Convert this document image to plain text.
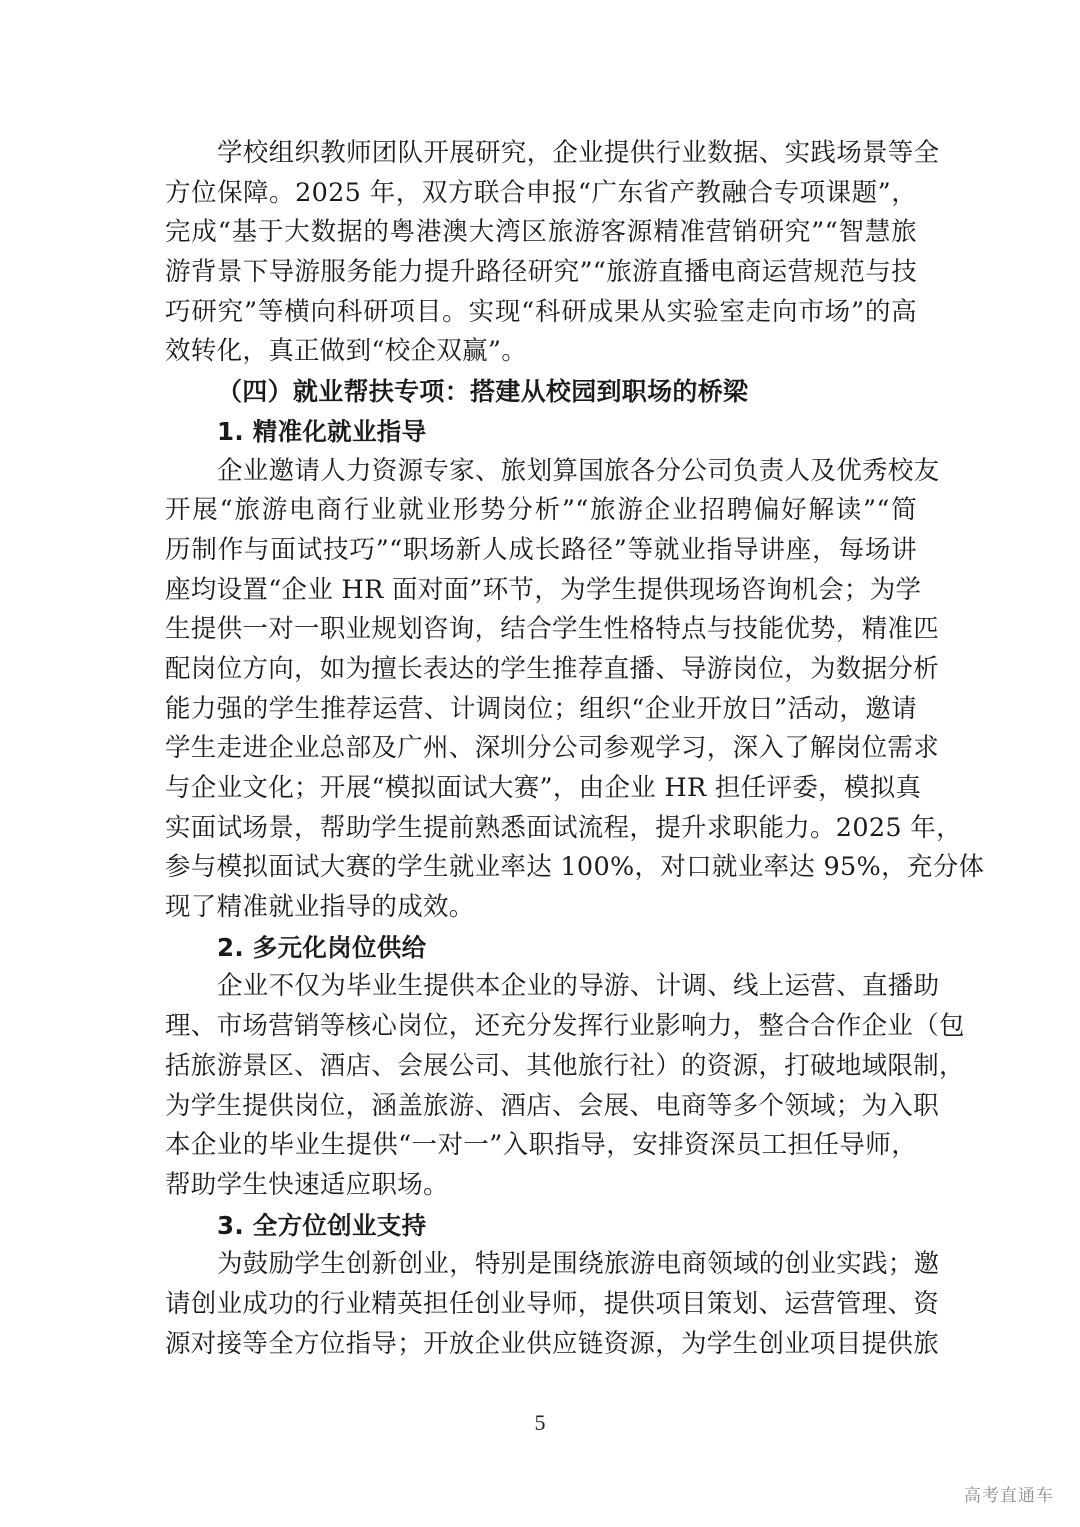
学校组织教师团队开展研究，企业提供行业数据、实践场景等全
方位保障。2025 年，双方联合申报“广东省产教融合专项课题”，
完成“基于大数据的粤港澳大湾区旅游客源精准营销研究”“智慧旅
游背景下导游服务能力提升路径研究”“旅游直播电商运营规范与技
巧研究”等横向科研项目。实现“科研成果从实验室走向市场”的高
效转化，真正做到“校企双赢”。
（四）就业帮扶专项：搭建从校园到职场的桥梁
1. 精准化就业指导
企业邀请人力资源专家、旅划算国旅各分公司负责人及优秀校友
开展“旅游电商行业就业形势分析”“旅游企业招聘偏好解读”“简
历制作与面试技巧”“职场新人成长路径”等就业指导讲座，每场讲
座均设置“企业 HR 面对面”环节，为学生提供现场咨询机会；为学
生提供一对一职业规划咨询，结合学生性格特点与技能优势，精准匹
配岗位方向，如为擅长表达的学生推荐直播、导游岗位，为数据分析
能力强的学生推荐运营、计调岗位；组织“企业开放日”活动，邀请
学生走进企业总部及广州、深圳分公司参观学习，深入了解岗位需求
与企业文化；开展“模拟面试大赛”，由企业 HR 担任评委，模拟真
实面试场景，帮助学生提前熟悉面试流程，提升求职能力。2025 年，
参与模拟面试大赛的学生就业率达 100%，对口就业率达 95%，充分体
现了精准就业指导的成效。
2. 多元化岗位供给
企业不仅为毕业生提供本企业的导游、计调、线上运营、直播助
理、市场营销等核心岗位，还充分发挥行业影响力，整合合作企业（包
括旅游景区、酒店、会展公司、其他旅行社）的资源，打破地域限制，
为学生提供岗位，涵盖旅游、酒店、会展、电商等多个领域；为入职
本企业的毕业生提供“一对一”入职指导，安排资深员工担任导师，
帮助学生快速适应职场。
3. 全方位创业支持
为鼓励学生创新创业，特别是围绕旅游电商领域的创业实践；邀
请创业成功的行业精英担任创业导师，提供项目策划、运营管理、资
源对接等全方位指导；开放企业供应链资源，为学生创业项目提供旅
5
高考直通车
